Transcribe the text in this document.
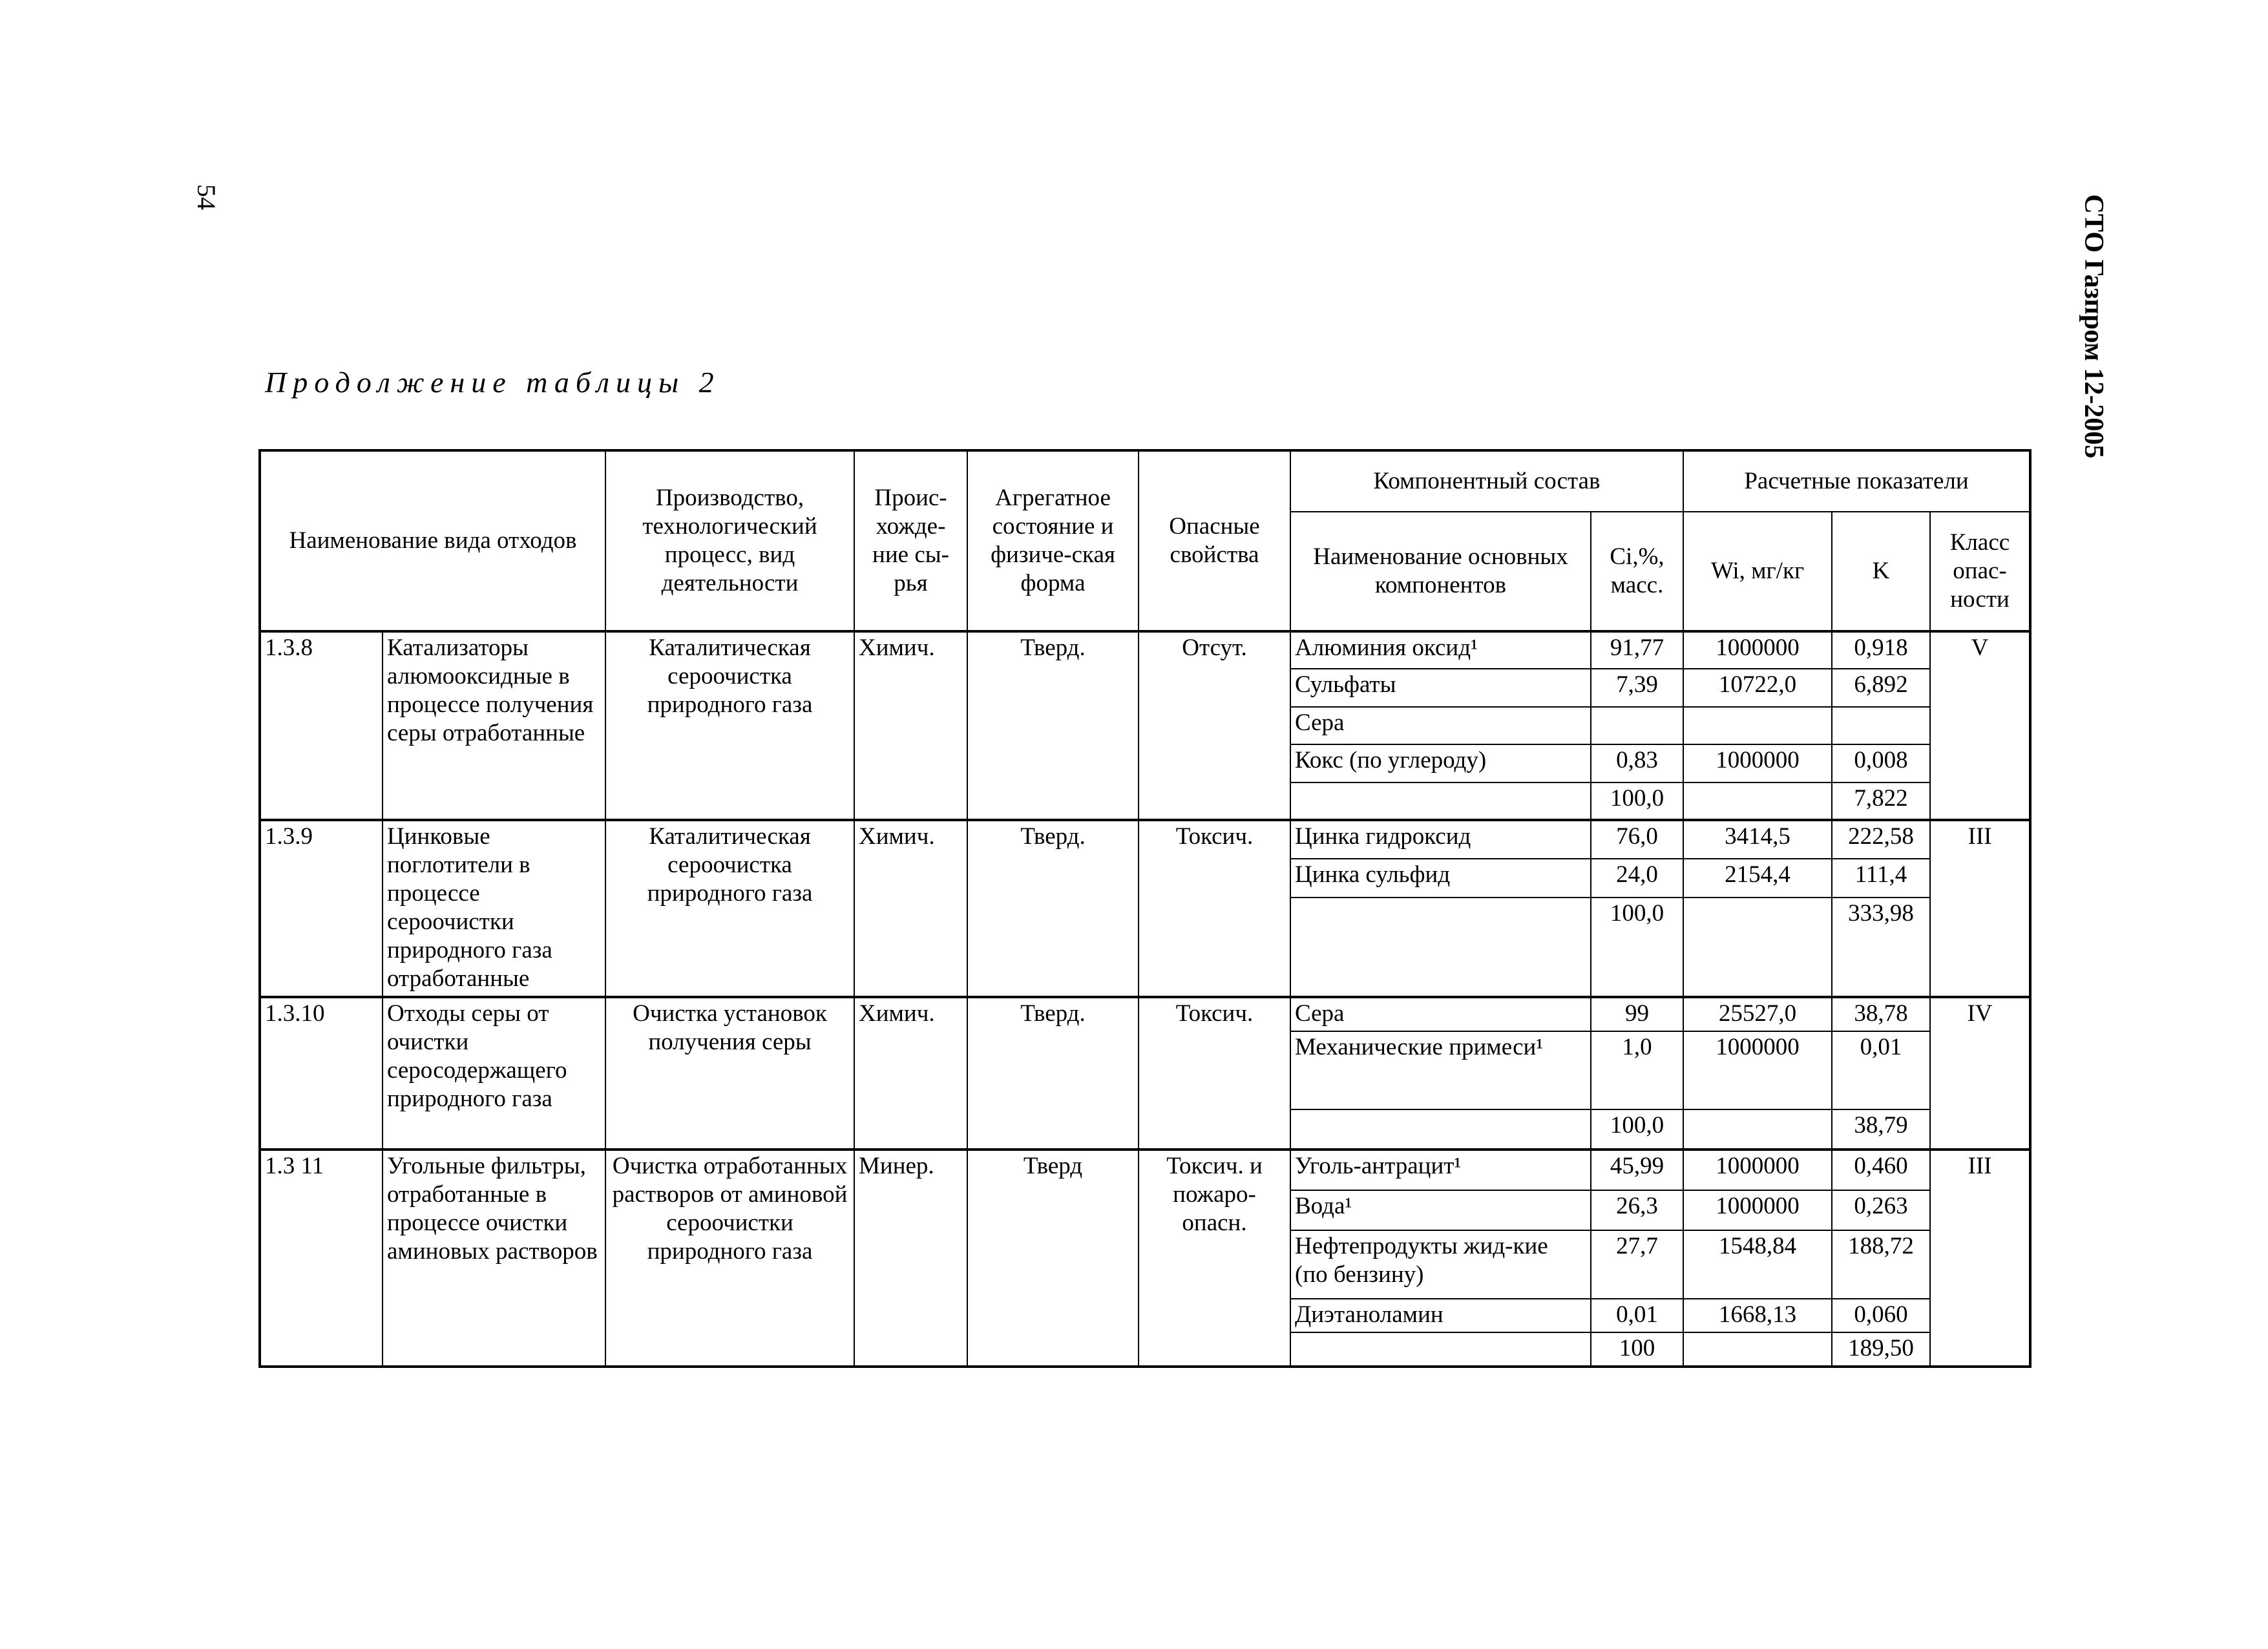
54	СТО Газпром 12-2005
Продолжение таблицы 2
Наименование вида отходов		Производство, технологический процесс, вид деятельности	Проис-хожде-ние сы-рья	Агрегатное состояние и физиче-ская форма	Опасные свойства	Компонентный состав		Расчетные показатели		
						Наименование основных компонентов	Ci,%, масс.	Wi, мг/кг	K	Класс опас-ности
1.3.8	Катализаторы алюмооксидные в процессе получения серы отработанные	Каталитическая сероочистка природного газа	Химич.	Тверд.	Отсут.	Алюминия оксид¹	91,77	1000000	0,918	V
						Сульфаты	7,39	10722,0	6,892	
						Сера				
						Кокс (по углероду)	0,83	1000000	0,008	
							100,0		7,822	
1.3.9	Цинковые поглотители в процессе сероочистки природного газа отработанные	Каталитическая сероочистка природного газа	Химич.	Тверд.	Токсич.	Цинка гидроксид	76,0	3414,5	222,58	III
						Цинка сульфид	24,0	2154,4	111,4	
							100,0		333,98	
1.3.10	Отходы серы от очистки серосодержащего природного газа	Очистка установок получения серы	Химич.	Тверд.	Токсич.	Сера	99	25527,0	38,78	IV
						Механические примеси¹	1,0	1000000	0,01	
							100,0		38,79	
1.3 11	Угольные фильтры, отработанные в процессе очистки аминовых растворов	Очистка отработанных растворов от аминовой сероочистки природного газа	Минер.	Тверд	Токсич. и пожаро-опасн.	Уголь-антрацит¹	45,99	1000000	0,460	III
						Вода¹	26,3	1000000	0,263	
						Нефтепродукты жид-кие (по бензину)	27,7	1548,84	188,72	
						Диэтаноламин	0,01	1668,13	0,060	
							100		189,50	
